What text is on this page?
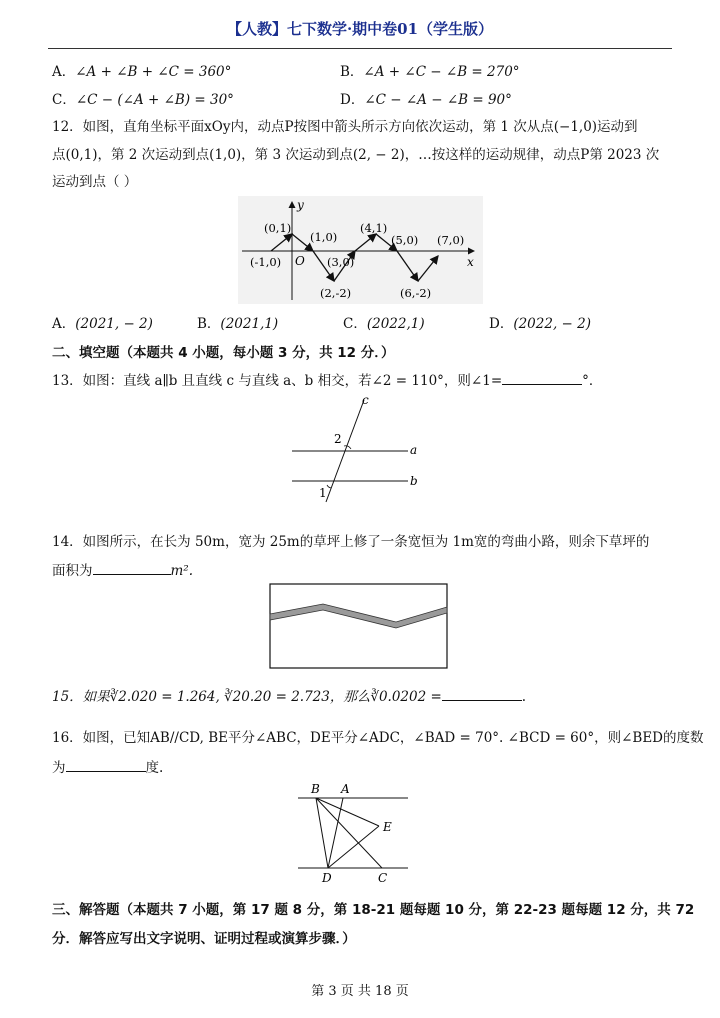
【人教】七下数学·期中卷01（学生版）
A．∠A + ∠B + ∠C = 360°	B．∠A + ∠C − ∠B = 270°
C．∠C − (∠A + ∠B) = 30°	D．∠C − ∠A − ∠B = 90°
12．如图，直角坐标平面xOy内，动点P按图中箭头所示方向依次运动，第 1 次从点(−1,0)运动到
点(0,1)，第 2 次运动到点(1,0)，第 3 次运动到点(2, − 2)，…按这样的运动规律，动点P第 2023 次
运动到点（ ）
y
x
O
(0,1)
(1,0)
(4,1)
(5,0) (7,0)
(-1,0)	(3,0)
(2,-2)	(6,-2)
A．(2021, − 2)	B．(2021,1)	C．(2022,1)	D．(2022, − 2)
二、填空题（本题共 4 小题，每小题 3 分，共 12 分．）
13．如图：直线 a∥b 且直线 c 与直线 a、b 相交，若∠2 = 110°，则∠1=	°．
c
a
b
2
1
14．如图所示，在长为 50m，宽为 25m的草坪上修了一条宽恒为 1m宽的弯曲小路，则余下草坪的
面积为	m².
15．如果∛2.020 = 1.264, ∛20.20 = 2.723，那么∛0.0202 =	.
16．如图，已知AB//CD, BE平分∠ABC，DE平分∠ADC，∠BAD = 70°. ∠BCD = 60°，则∠BED的度数
为	度.
B A
E
D	C
三、解答题（本题共 7 小题，第 17 题 8 分，第 18-21 题每题 10 分，第 22-23 题每题 12 分，共 72
分．解答应写出文字说明、证明过程或演算步骤．）
第 3 页 共 18 页
